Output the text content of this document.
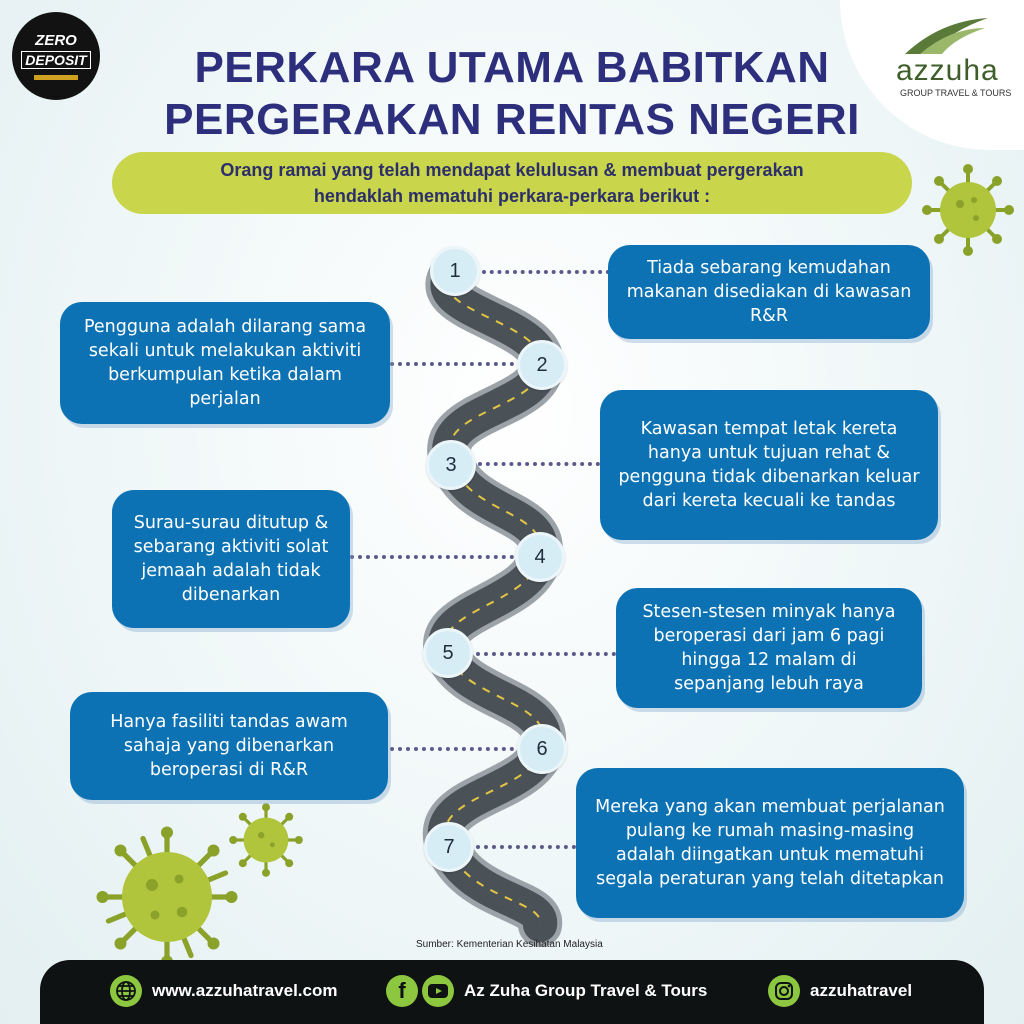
ZERO
DEPOSIT	azzuha
GROUP TRAVEL & TOURS
PERKARA UTAMA BABITKAN
PERGERAKAN RENTAS NEGERI

Orang ramai yang telah mendapat kelulusan & membuat pergerakan hendaklah mematuhi perkara-perkara berikut :

1
2
3
4
5
6
7
Tiada sebarang kemudahan makanan disediakan di kawasan R&R
Pengguna adalah dilarang sama sekali untuk melakukan aktiviti berkumpulan ketika dalam perjalan
Kawasan tempat letak kereta hanya untuk tujuan rehat & pengguna tidak dibenarkan keluar dari kereta kecuali ke tandas
Surau-surau ditutup & sebarang aktiviti solat jemaah adalah tidak dibenarkan
Stesen-stesen minyak hanya beroperasi dari jam 6 pagi hingga 12 malam di sepanjang lebuh raya
Hanya fasiliti tandas awam sahaja yang dibenarkan beroperasi di R&R
Mereka yang akan membuat perjalanan pulang ke rumah masing-masing adalah diingatkan untuk mematuhi segala peraturan yang telah ditetapkan
Sumber: Kementerian Kesihatan Malaysia
www.azzuhatravel.com	f	Az Zuha Group Travel & Tours	azzuhatravel
